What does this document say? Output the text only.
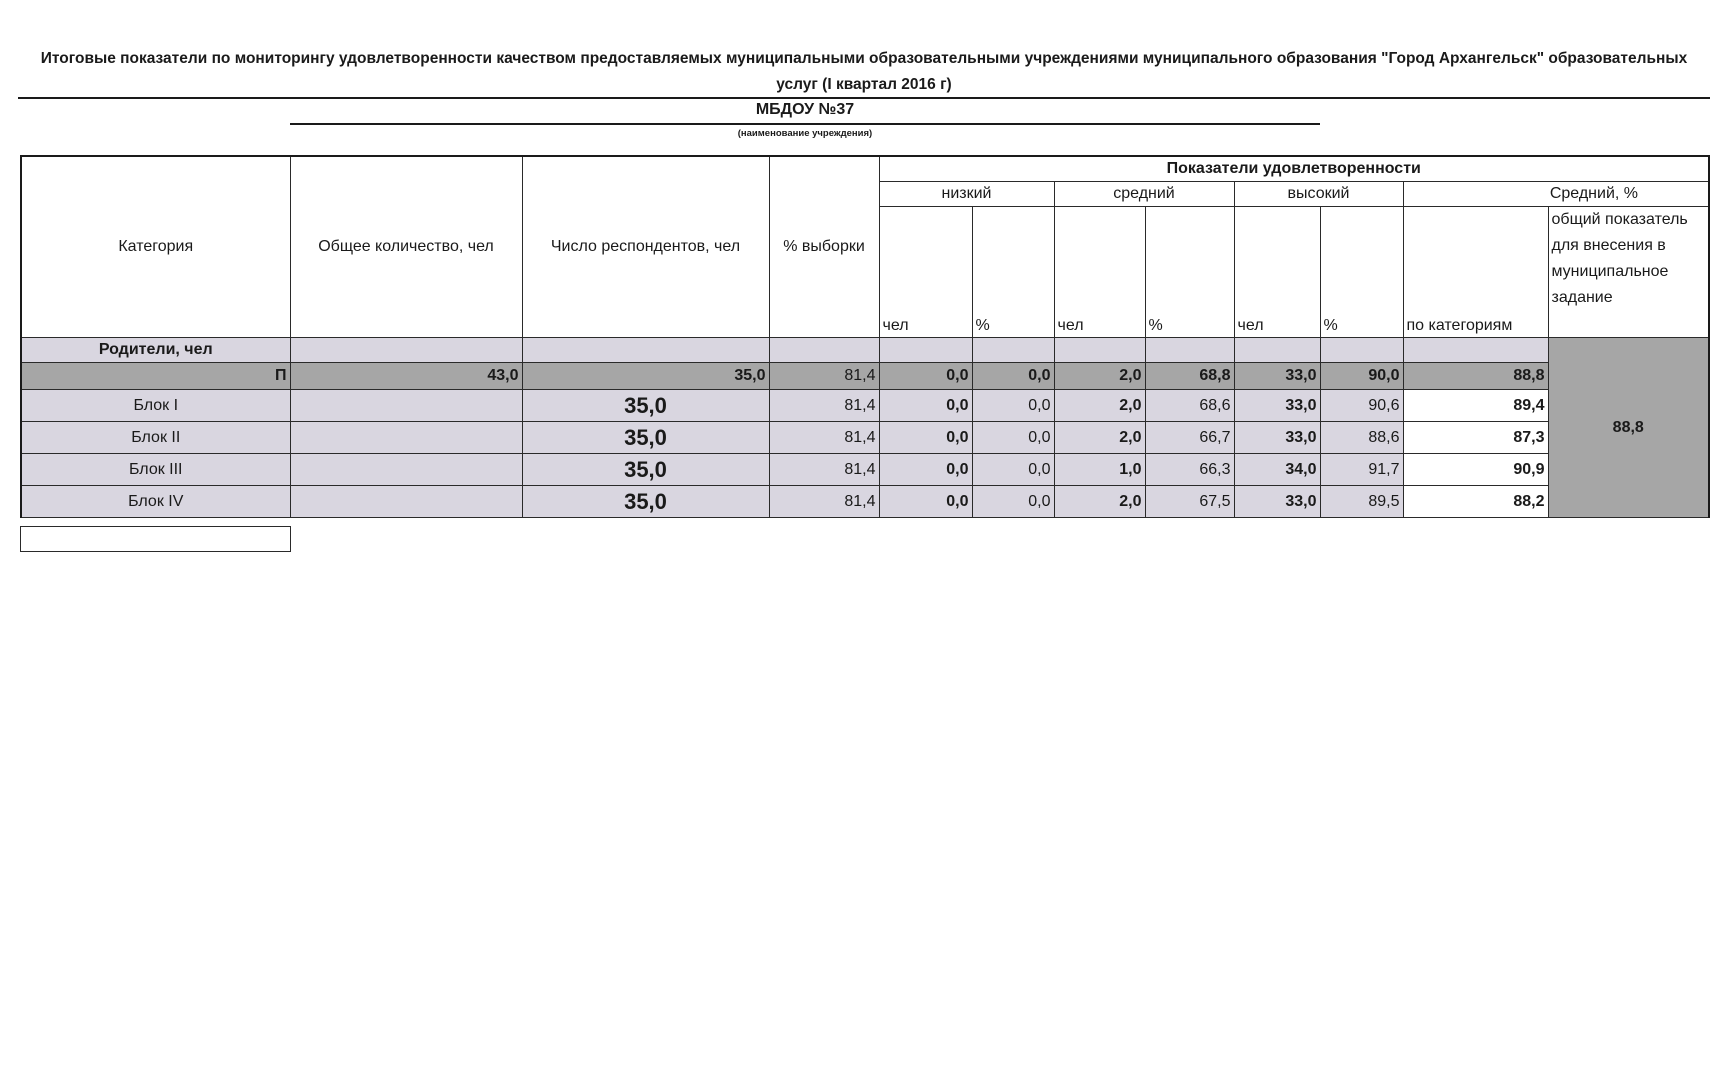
Итоговые показатели по мониторингу удовлетворенности качеством предоставляемых муниципальными образовательными учреждениями муниципального образования "Город Архангельск" образовательных услуг (I квартал 2016 г)
МБДОУ №37
(наименование учреждения)
Категория	Общее количество, чел	Число респондентов, чел	% выборки	Показатели удовлетворенности							
				низкий		средний		высокий		Средний, %	
				чел	%	чел	%	чел	%	по категориям	общий показатель для внесения в муниципальное задание
Родители, чел											88,8
П	43,0	35,0	81,4	0,0	0,0	2,0	68,8	33,0	90,0	88,8	
Блок I		35,0	81,4	0,0	0,0	2,0	68,6	33,0	90,6	89,4	
Блок II		35,0	81,4	0,0	0,0	2,0	66,7	33,0	88,6	87,3	
Блок III		35,0	81,4	0,0	0,0	1,0	66,3	34,0	91,7	90,9	
Блок IV		35,0	81,4	0,0	0,0	2,0	67,5	33,0	89,5	88,2	
